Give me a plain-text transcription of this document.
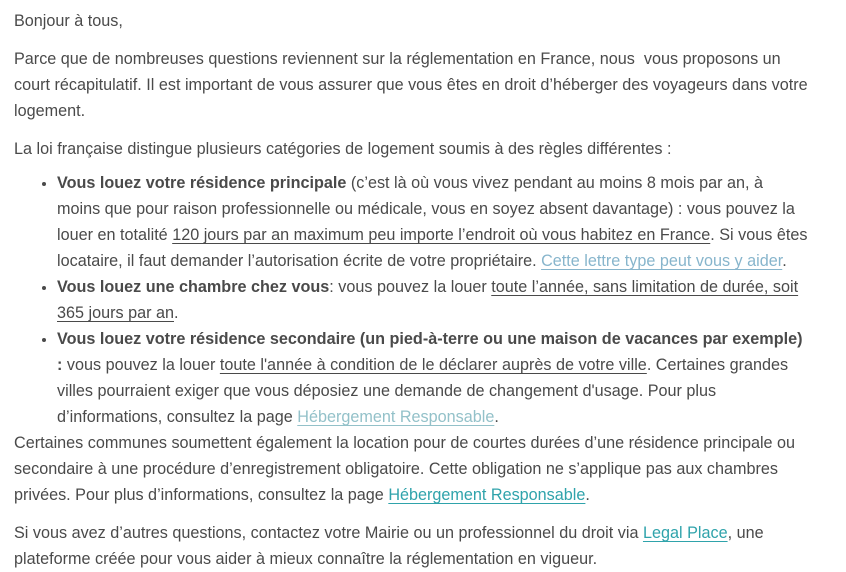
Bonjour à tous,

Parce que de nombreuses questions reviennent sur la réglementation en France, nous  vous proposons un court récapitulatif. Il est important de vous assurer que vous êtes en droit d’héberger des voyageurs dans votre logement.

La loi française distingue plusieurs catégories de logement soumis à des règles différentes :

• Vous louez votre résidence principale (c’est là où vous vivez pendant au moins 8 mois par an, à moins que pour raison professionnelle ou médicale, vous en soyez absent davantage) : vous pouvez la louer en totalité 120 jours par an maximum peu importe l’endroit où vous habitez en France. Si vous êtes locataire, il faut demander l’autorisation écrite de votre propriétaire. Cette lettre type peut vous y aider.
• Vous louez une chambre chez vous: vous pouvez la louer toute l’année, sans limitation de durée, soit 365 jours par an.
• Vous louez votre résidence secondaire (un pied-à-terre ou une maison de vacances par exemple) : vous pouvez la louer toute l'année à condition de le déclarer auprès de votre ville. Certaines grandes villes pourraient exiger que vous déposiez une demande de changement d'usage. Pour plus d’informations, consultez la page Hébergement Responsable.

Certaines communes soumettent également la location pour de courtes durées d’une résidence principale ou secondaire à une procédure d’enregistrement obligatoire. Cette obligation ne s’applique pas aux chambres privées. Pour plus d’informations, consultez la page Hébergement Responsable.

Si vous avez d’autres questions, contactez votre Mairie ou un professionnel du droit via Legal Place, une plateforme créée pour vous aider à mieux connaître la réglementation en vigueur.
